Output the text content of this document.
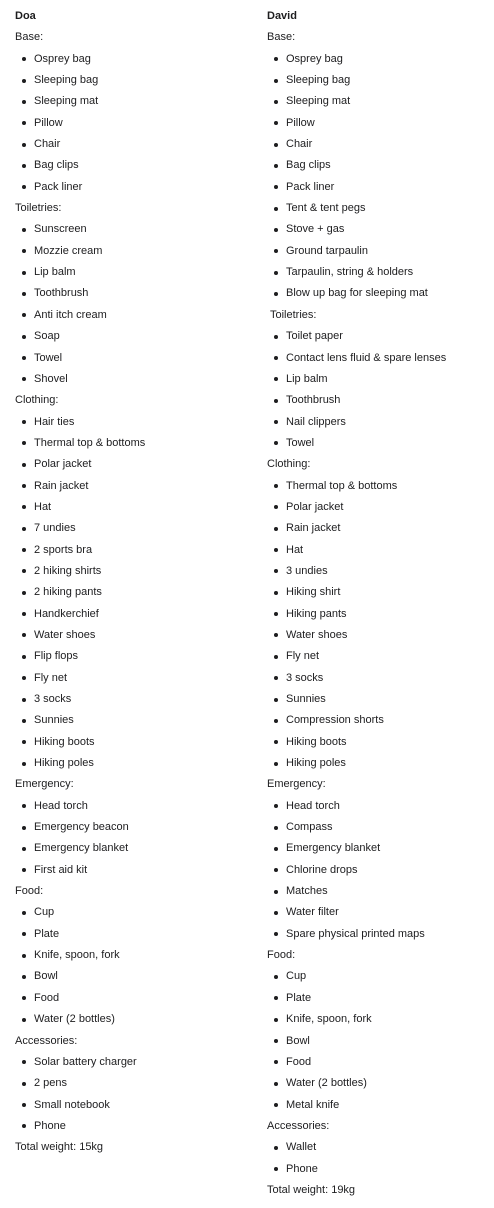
Doa
Base:
Osprey bag
Sleeping bag
Sleeping mat
Pillow
Chair
Bag clips
Pack liner
Toiletries:
Sunscreen
Mozzie cream
Lip balm
Toothbrush
Anti itch cream
Soap
Towel
Shovel
Clothing:
Hair ties
Thermal top & bottoms
Polar jacket
Rain jacket
Hat
7 undies
2 sports bra
2 hiking shirts
2 hiking pants
Handkerchief
Water shoes
Flip flops
Fly net
3 socks
Sunnies
Hiking boots
Hiking poles
Emergency:
Head torch
Emergency beacon
Emergency blanket
First aid kit
Food:
Cup
Plate
Knife, spoon, fork
Bowl
Food
Water (2 bottles)
Accessories:
Solar battery charger
2 pens
Small notebook
Phone
Total weight: 15kg
David
Base:
Osprey bag
Sleeping bag
Sleeping mat
Pillow
Chair
Bag clips
Pack liner
Tent & tent pegs
Stove + gas
Ground tarpaulin
Tarpaulin, string & holders
Blow up bag for sleeping mat
Toiletries:
Toilet paper
Contact lens fluid & spare lenses
Lip balm
Toothbrush
Nail clippers
Towel
Clothing:
Thermal top & bottoms
Polar jacket
Rain jacket
Hat
3 undies
Hiking shirt
Hiking pants
Water shoes
Fly net
3 socks
Sunnies
Compression shorts
Hiking boots
Hiking poles
Emergency:
Head torch
Compass
Emergency blanket
Chlorine drops
Matches
Water filter
Spare physical printed maps
Food:
Cup
Plate
Knife, spoon, fork
Bowl
Food
Water (2 bottles)
Metal knife
Accessories:
Wallet
Phone
Total weight: 19kg
